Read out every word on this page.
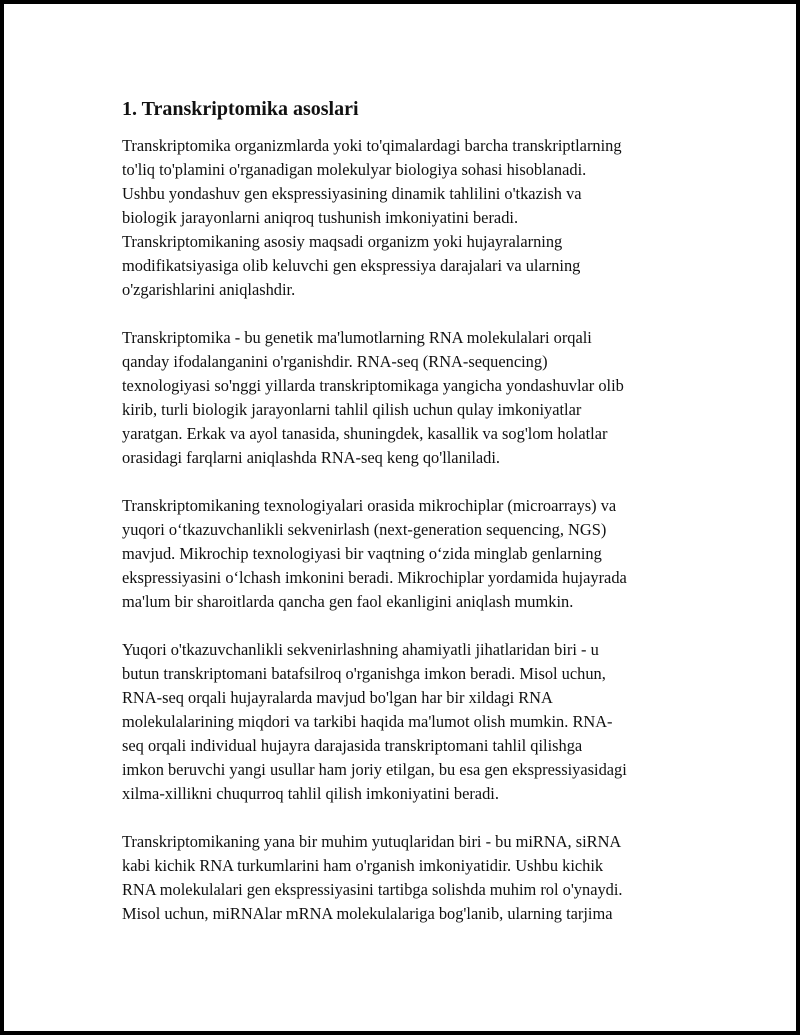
1. Transkriptomika asoslari

Transkriptomika organizmlarda yoki to'qimalardagi barcha transkriptlarning
to'liq to'plamini o'rganadigan molekulyar biologiya sohasi hisoblanadi.
Ushbu yondashuv gen ekspressiyasining dinamik tahlilini o'tkazish va
biologik jarayonlarni aniqroq tushunish imkoniyatini beradi.
Transkriptomikaning asosiy maqsadi organizm yoki hujayralarning
modifikatsiyasiga olib keluvchi gen ekspressiya darajalari va ularning
o'zgarishlarini aniqlashdir.

Transkriptomika - bu genetik ma'lumotlarning RNA molekulalari orqali
qanday ifodalanganini o'rganishdir. RNA-seq (RNA-sequencing)
texnologiyasi so'nggi yillarda transkriptomikaga yangicha yondashuvlar olib
kirib, turli biologik jarayonlarni tahlil qilish uchun qulay imkoniyatlar
yaratgan. Erkak va ayol tanasida, shuningdek, kasallik va sog'lom holatlar
orasidagi farqlarni aniqlashda RNA-seq keng qo'llaniladi.

Transkriptomikaning texnologiyalari orasida mikrochiplar (microarrays) va
yuqori o‘tkazuvchanlikli sekvenirlash (next-generation sequencing, NGS)
mavjud. Mikrochip texnologiyasi bir vaqtning o‘zida minglab genlarning
ekspressiyasini o‘lchash imkonini beradi. Mikrochiplar yordamida hujayrada
ma'lum bir sharoitlarda qancha gen faol ekanligini aniqlash mumkin.

Yuqori o'tkazuvchanlikli sekvenirlashning ahamiyatli jihatlaridan biri - u
butun transkriptomani batafsilroq o'rganishga imkon beradi. Misol uchun,
RNA-seq orqali hujayralarda mavjud bo'lgan har bir xildagi RNA
molekulalarining miqdori va tarkibi haqida ma'lumot olish mumkin. RNA-
seq orqali individual hujayra darajasida transkriptomani tahlil qilishga
imkon beruvchi yangi usullar ham joriy etilgan, bu esa gen ekspressiyasidagi
xilma-xillikni chuqurroq tahlil qilish imkoniyatini beradi.

Transkriptomikaning yana bir muhim yutuqlaridan biri - bu miRNA, siRNA
kabi kichik RNA turkumlarini ham o'rganish imkoniyatidir. Ushbu kichik
RNA molekulalari gen ekspressiyasini tartibga solishda muhim rol o'ynaydi.
Misol uchun, miRNAlar mRNA molekulalariga bog'lanib, ularning tarjima
